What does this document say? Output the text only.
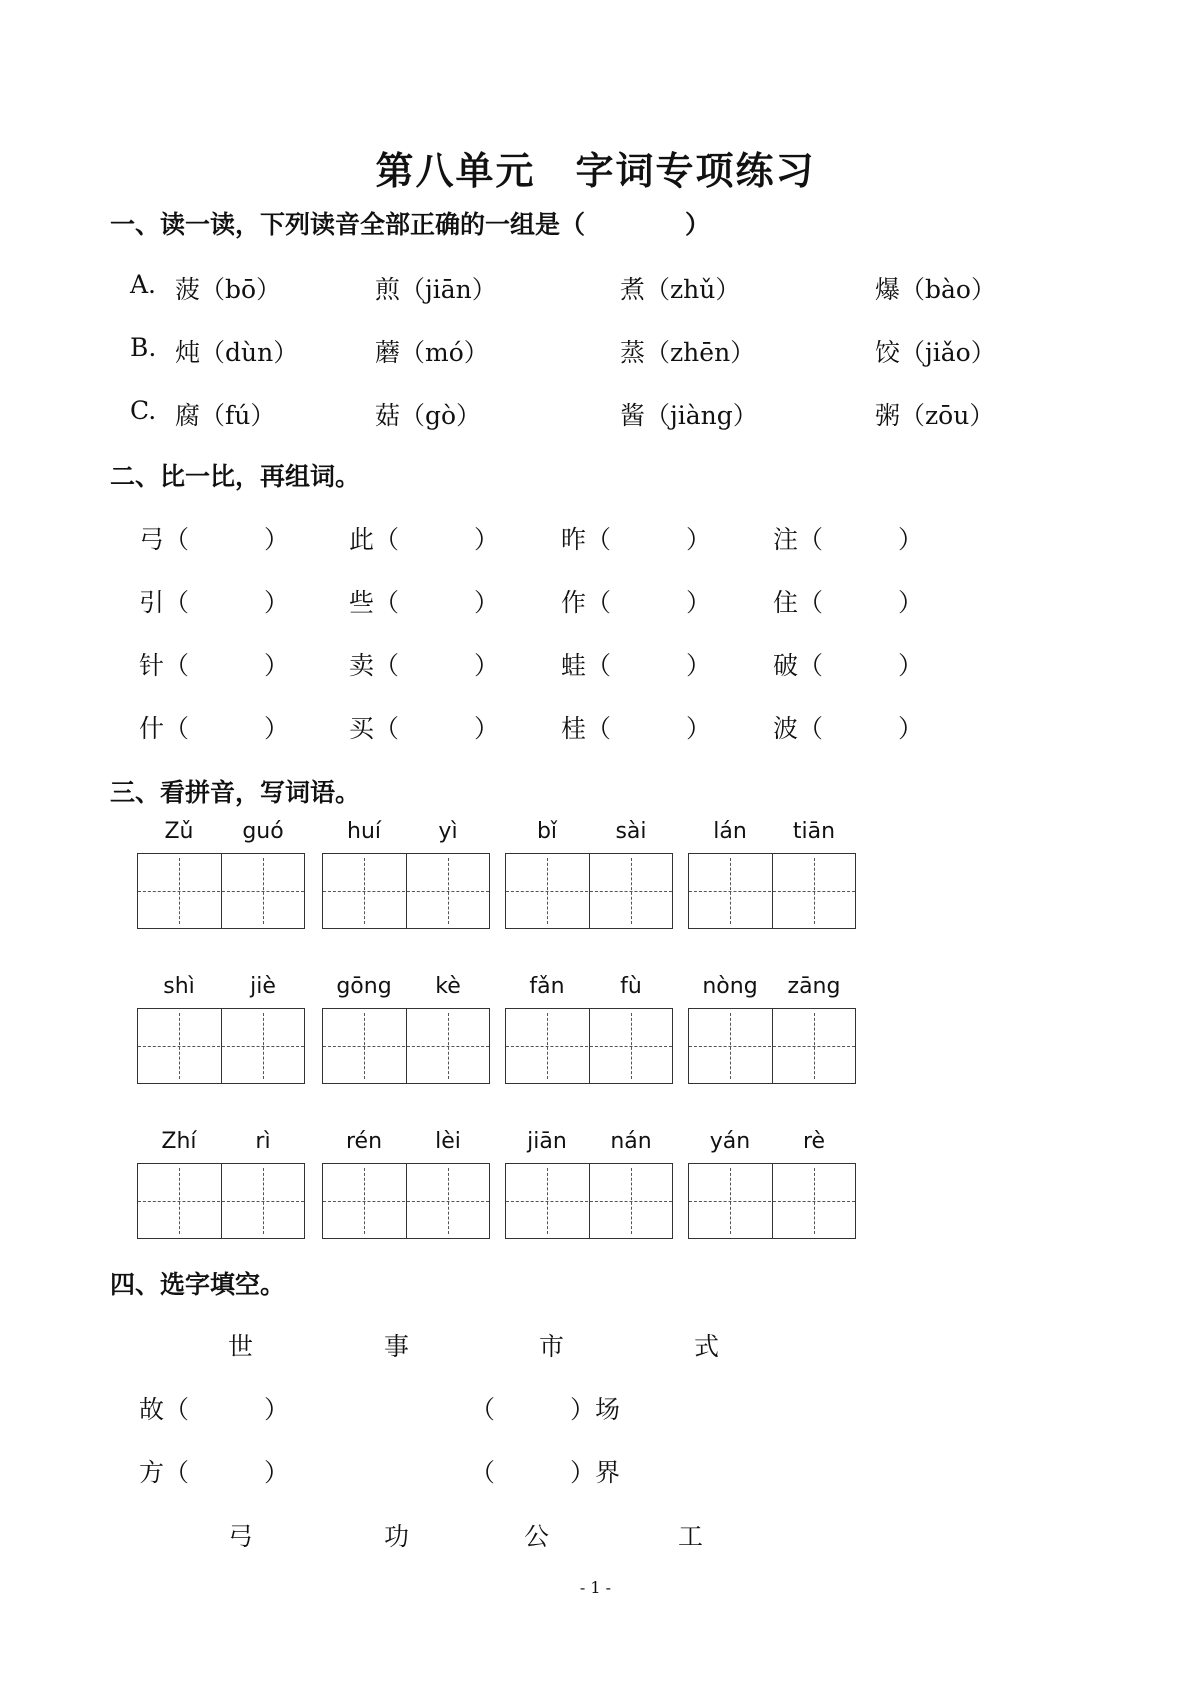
第八单元　字词专项练习
一、读一读，下列读音全部正确的一组是（　　　　）
A. 菠（bō）	煎（jiān）	煮（zhǔ）	爆（bào）
B. 炖（dùn）	蘑（mó）	蒸（zhēn）	饺（jiǎo）
C. 腐（fú）	菇（gò）	酱（jiàng）	粥（zōu）
二、比一比，再组词。
弓（　　　） 此（　　　） 昨（　　　） 注（　　　）
引（　　　） 些（　　　） 作（　　　） 住（　　　）
针（　　　） 卖（　　　） 蛙（　　　） 破（　　　）
什（　　　） 买（　　　） 桂（　　　） 波（　　　）
三、看拼音，写词语。
Zǔ	guó	huí	yì	bǐ	sài	lán	tiān
shì	jiè	gōng	kè	fǎn	fù	nòng	zāng
Zhí	rì	rén	lèi	jiān	nán	yán	rè
四、选字填空。
世	事	市	式
故（　　　）	（　　　）场
方（　　　）	（　　　）界
弓	功	公	工
- 1 -
